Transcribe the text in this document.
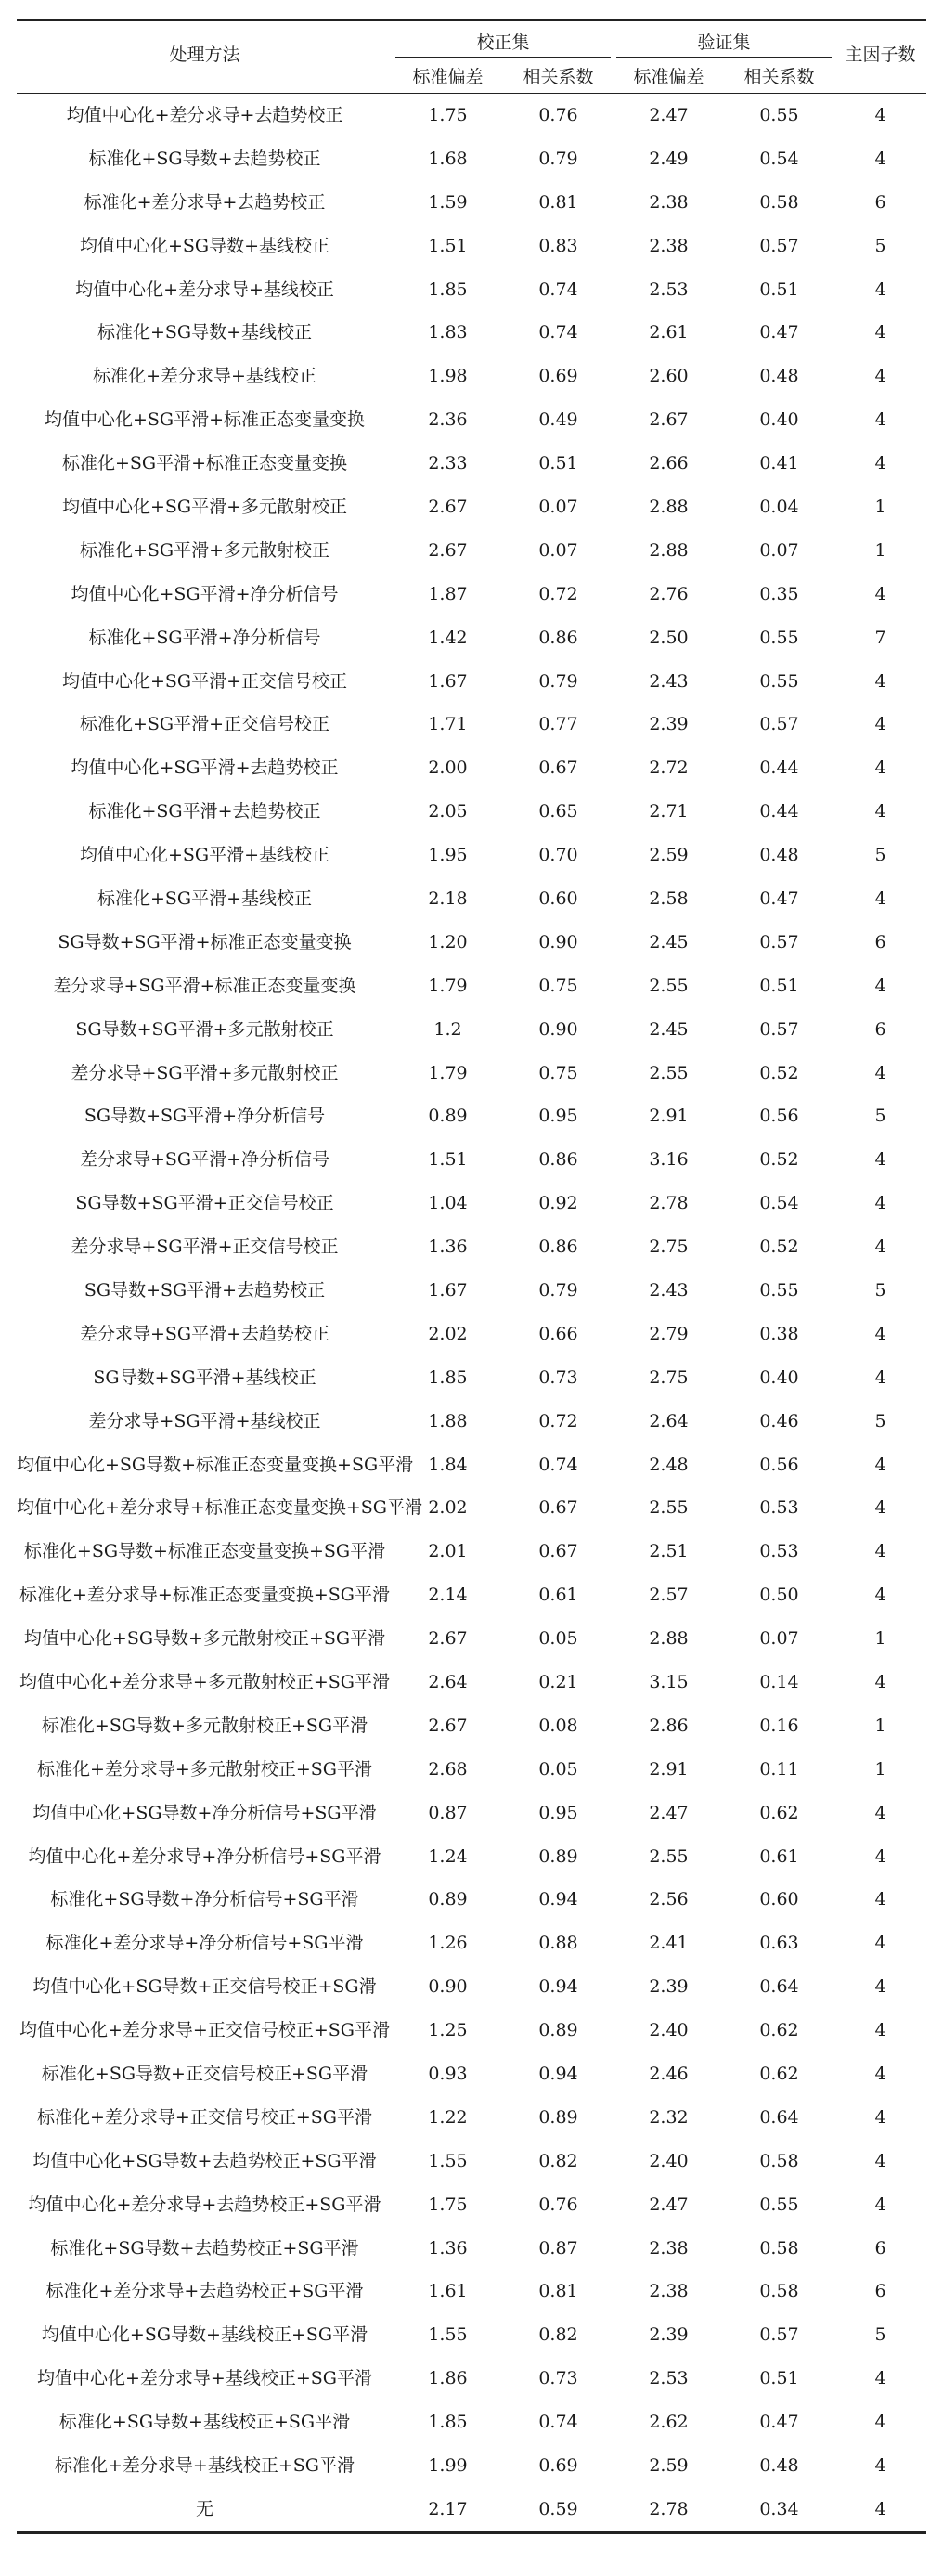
处理方法	校正集		验证集		主因子数
	标准偏差	相关系数	标准偏差	相关系数	
均值中心化+差分求导+去趋势校正	1.75	0.76	2.47	0.55	4
标准化+SG导数+去趋势校正	1.68	0.79	2.49	0.54	4
标准化+差分求导+去趋势校正	1.59	0.81	2.38	0.58	6
均值中心化+SG导数+基线校正	1.51	0.83	2.38	0.57	5
均值中心化+差分求导+基线校正	1.85	0.74	2.53	0.51	4
标准化+SG导数+基线校正	1.83	0.74	2.61	0.47	4
标准化+差分求导+基线校正	1.98	0.69	2.60	0.48	4
均值中心化+SG平滑+标准正态变量变换	2.36	0.49	2.67	0.40	4
标准化+SG平滑+标准正态变量变换	2.33	0.51	2.66	0.41	4
均值中心化+SG平滑+多元散射校正	2.67	0.07	2.88	0.04	1
标准化+SG平滑+多元散射校正	2.67	0.07	2.88	0.07	1
均值中心化+SG平滑+净分析信号	1.87	0.72	2.76	0.35	4
标准化+SG平滑+净分析信号	1.42	0.86	2.50	0.55	7
均值中心化+SG平滑+正交信号校正	1.67	0.79	2.43	0.55	4
标准化+SG平滑+正交信号校正	1.71	0.77	2.39	0.57	4
均值中心化+SG平滑+去趋势校正	2.00	0.67	2.72	0.44	4
标准化+SG平滑+去趋势校正	2.05	0.65	2.71	0.44	4
均值中心化+SG平滑+基线校正	1.95	0.70	2.59	0.48	5
标准化+SG平滑+基线校正	2.18	0.60	2.58	0.47	4
SG导数+SG平滑+标准正态变量变换	1.20	0.90	2.45	0.57	6
差分求导+SG平滑+标准正态变量变换	1.79	0.75	2.55	0.51	4
SG导数+SG平滑+多元散射校正	1.2	0.90	2.45	0.57	6
差分求导+SG平滑+多元散射校正	1.79	0.75	2.55	0.52	4
SG导数+SG平滑+净分析信号	0.89	0.95	2.91	0.56	5
差分求导+SG平滑+净分析信号	1.51	0.86	3.16	0.52	4
SG导数+SG平滑+正交信号校正	1.04	0.92	2.78	0.54	4
差分求导+SG平滑+正交信号校正	1.36	0.86	2.75	0.52	4
SG导数+SG平滑+去趋势校正	1.67	0.79	2.43	0.55	5
差分求导+SG平滑+去趋势校正	2.02	0.66	2.79	0.38	4
SG导数+SG平滑+基线校正	1.85	0.73	2.75	0.40	4
差分求导+SG平滑+基线校正	1.88	0.72	2.64	0.46	5
均值中心化+SG导数+标准正态变量变换+SG平滑	1.84	0.74	2.48	0.56	4
均值中心化+差分求导+标准正态变量变换+SG平滑	2.02	0.67	2.55	0.53	4
标准化+SG导数+标准正态变量变换+SG平滑	2.01	0.67	2.51	0.53	4
标准化+差分求导+标准正态变量变换+SG平滑	2.14	0.61	2.57	0.50	4
均值中心化+SG导数+多元散射校正+SG平滑	2.67	0.05	2.88	0.07	1
均值中心化+差分求导+多元散射校正+SG平滑	2.64	0.21	3.15	0.14	4
标准化+SG导数+多元散射校正+SG平滑	2.67	0.08	2.86	0.16	1
标准化+差分求导+多元散射校正+SG平滑	2.68	0.05	2.91	0.11	1
均值中心化+SG导数+净分析信号+SG平滑	0.87	0.95	2.47	0.62	4
均值中心化+差分求导+净分析信号+SG平滑	1.24	0.89	2.55	0.61	4
标准化+SG导数+净分析信号+SG平滑	0.89	0.94	2.56	0.60	4
标准化+差分求导+净分析信号+SG平滑	1.26	0.88	2.41	0.63	4
均值中心化+SG导数+正交信号校正+SG滑	0.90	0.94	2.39	0.64	4
均值中心化+差分求导+正交信号校正+SG平滑	1.25	0.89	2.40	0.62	4
标准化+SG导数+正交信号校正+SG平滑	0.93	0.94	2.46	0.62	4
标准化+差分求导+正交信号校正+SG平滑	1.22	0.89	2.32	0.64	4
均值中心化+SG导数+去趋势校正+SG平滑	1.55	0.82	2.40	0.58	4
均值中心化+差分求导+去趋势校正+SG平滑	1.75	0.76	2.47	0.55	4
标准化+SG导数+去趋势校正+SG平滑	1.36	0.87	2.38	0.58	6
标准化+差分求导+去趋势校正+SG平滑	1.61	0.81	2.38	0.58	6
均值中心化+SG导数+基线校正+SG平滑	1.55	0.82	2.39	0.57	5
均值中心化+差分求导+基线校正+SG平滑	1.86	0.73	2.53	0.51	4
标准化+SG导数+基线校正+SG平滑	1.85	0.74	2.62	0.47	4
标准化+差分求导+基线校正+SG平滑	1.99	0.69	2.59	0.48	4
无	2.17	0.59	2.78	0.34	4
